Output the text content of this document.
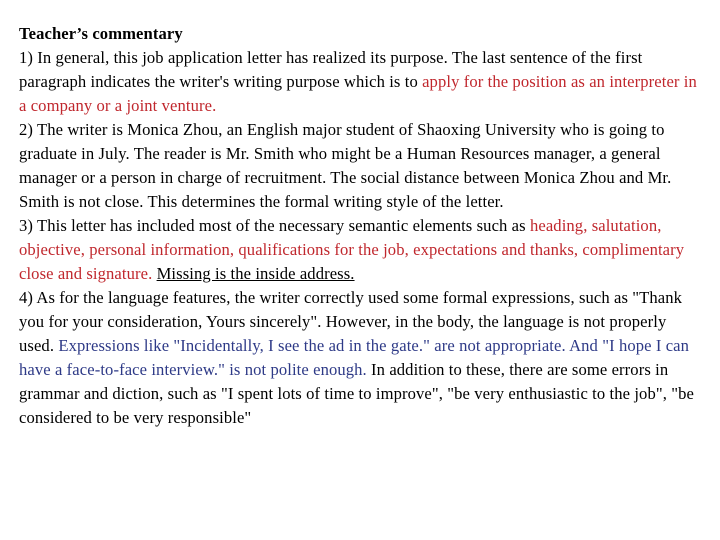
Teacher’s commentary

1) In general, this job application letter has realized its purpose. The last sentence of the first paragraph indicates the writer's writing purpose which is to apply for the position as an interpreter in a company or a joint venture.

2) The writer is Monica Zhou, an English major student of Shaoxing University who is going to graduate in July. The reader is Mr. Smith who might be a Human Resources manager, a general manager or a person in charge of recruitment. The social distance between Monica Zhou and Mr. Smith is not close. This determines the formal writing style of the letter.

3) This letter has included most of the necessary semantic elements such as heading, salutation, objective, personal information, qualifications for the job, expectations and thanks, complimentary close and signature. Missing is the inside address.

4) As for the language features, the writer correctly used some formal expressions, such as "Thank you for your consideration, Yours sincerely". However, in the body, the language is not properly used. Expressions like "Incidentally, I see the ad in the gate." are not appropriate. And "I hope I can have a face-to-face interview." is not polite enough. In addition to these, there are some errors in grammar and diction, such as "I spent lots of time to improve", "be very enthusiastic to the job", "be considered to be very responsible"
